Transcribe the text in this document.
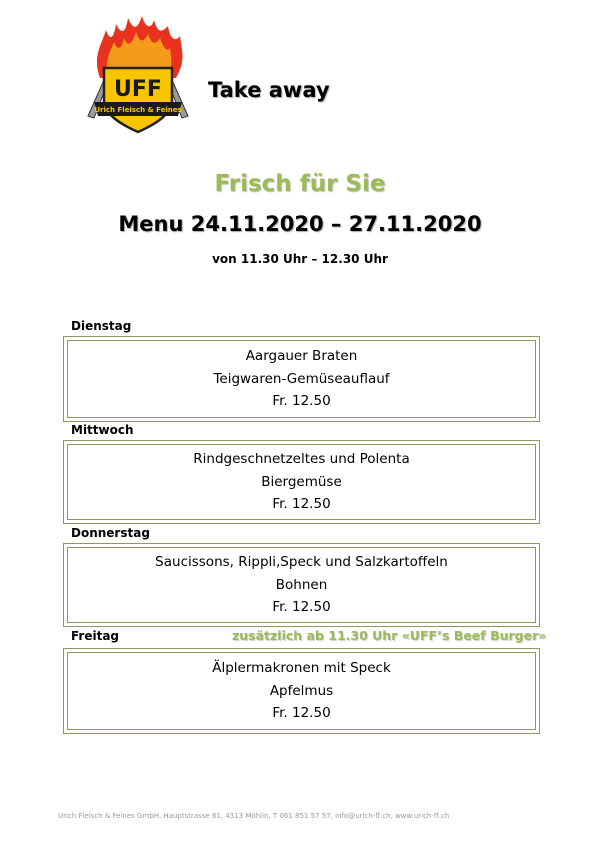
UFF
Urich Fleisch & Feines
Take away
Frisch für Sie
Menu 24.11.2020 – 27.11.2020
von 11.30 Uhr – 12.30 Uhr
Dienstag
Aargauer Braten
Teigwaren-Gemüseauflauf
Fr. 12.50
Mittwoch
Rindgeschnetzeltes und Polenta
Biergemüse
Fr. 12.50
Donnerstag
Saucissons, Rippli,Speck und Salzkartoffeln
Bohnen
Fr. 12.50
Freitag	zusätzlich ab 11.30 Uhr «UFF’s Beef Burger»
Älplermakronen mit Speck
Apfelmus
Fr. 12.50
Urich Fleisch & Feines GmbH, Hauptstrasse 61, 4313 Möhlin, T 061 851 57 57, info@urich-ff.ch, www.urich-ff.ch
